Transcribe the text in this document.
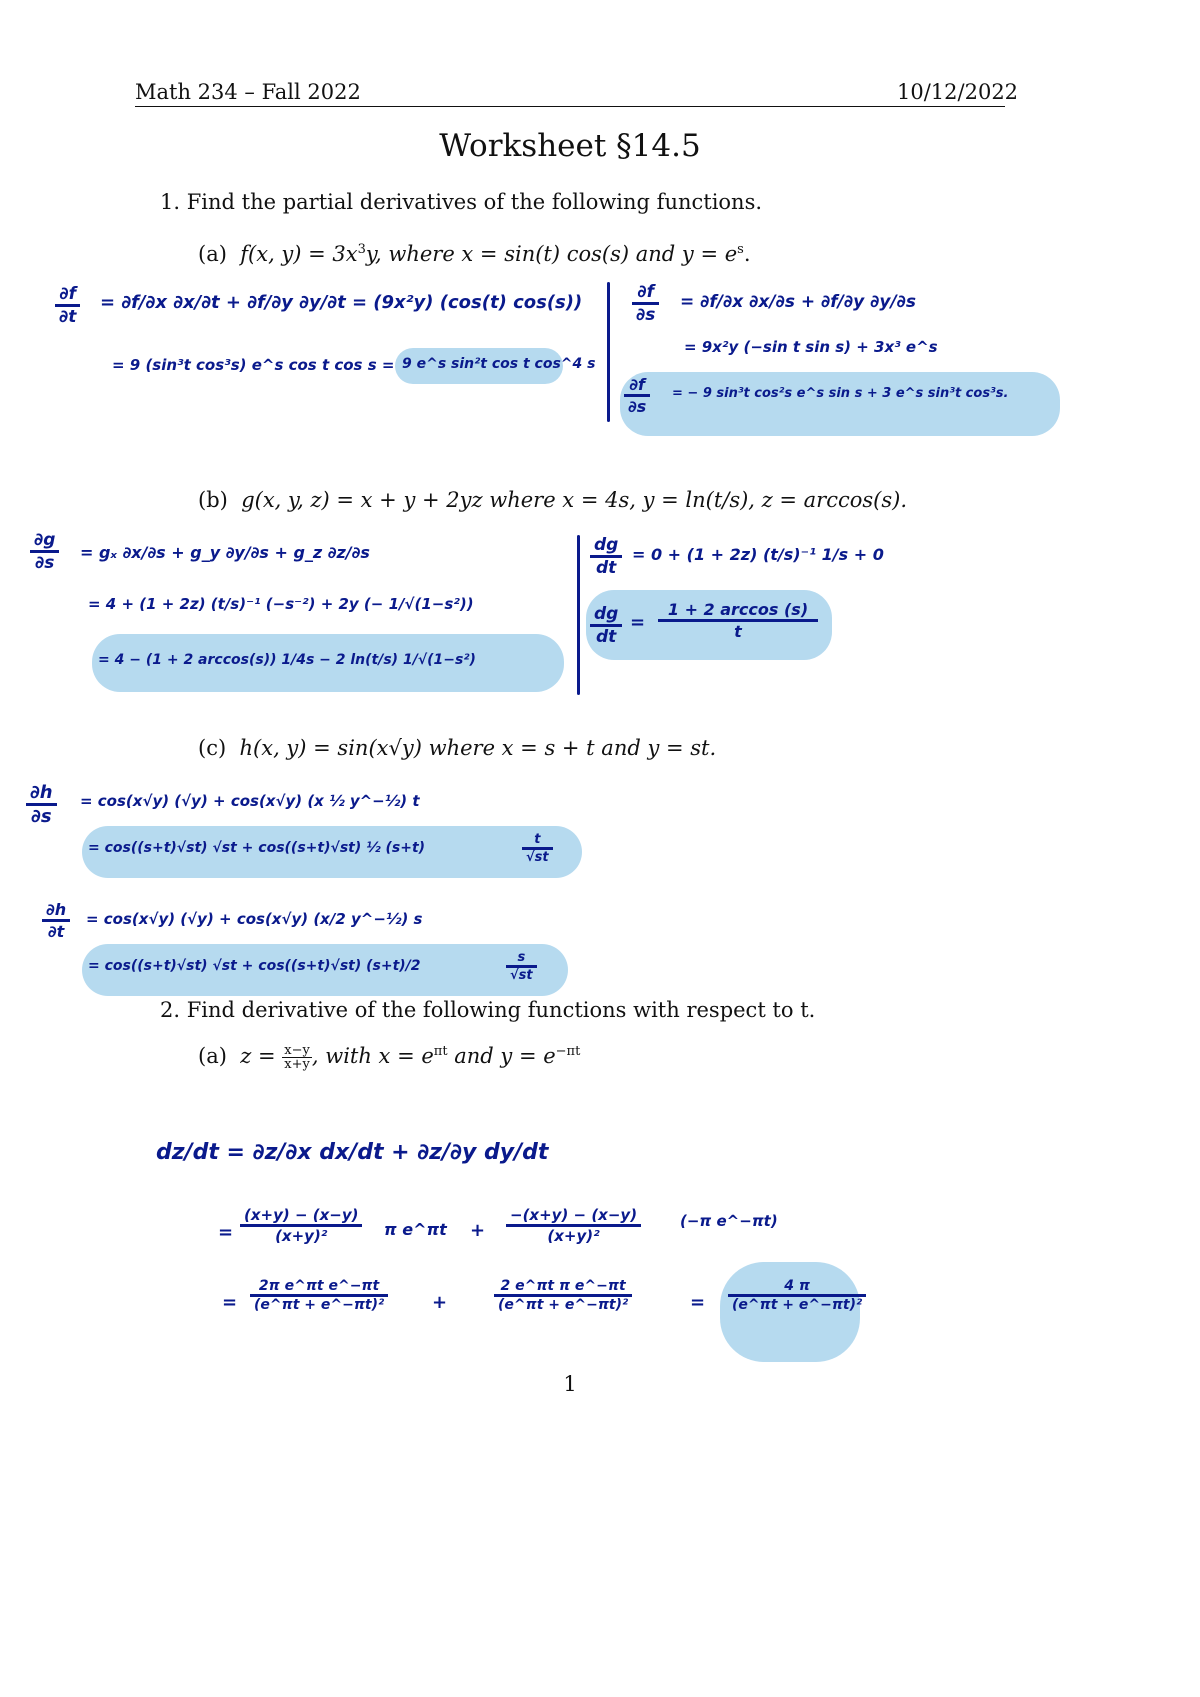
Math 234 – Fall 2022	10/12/2022
Worksheet §14.5
1. Find the partial derivatives of the following functions.
(a) f(x, $y) = 3x^3y$, where x = sin(t) cos(s) and $y = e^s$.
∂f
∂t
= ∂f/∂x ∂x/∂t + ∂f/∂y ∂y/∂t = (9x²y) (cos(t) cos(s))
= 9 (sin³t cos³s) e^s cos t cos s = 9 e^s sin²t cos t cos^4 s
∂f
∂s
= ∂f/∂x ∂x/∂s + ∂f/∂y ∂y/∂s
= 9x²y (−sin t sin s) + 3x³ e^s
∂f
∂s
= − 9 sin³t cos²s e^s sin s + 3 e^s sin³t cos³s.
(b) g(x, y, z) = x + y + 2yz where x = 4s, y = ln(t/s), z = arccos(s).
∂g
∂s
= gₓ ∂x/∂s + g_y ∂y/∂s + g_z ∂z/∂s
= 4 + (1 + 2z) (t/s)⁻¹ (−s⁻²) + 2y (− 1/√(1−s²))
= 4 − (1 + 2 arccos(s)) 1/4s − 2 ln(t/s) 1/√(1−s²)
dg
dt
= 0 + (1 + 2z) (t/s)⁻¹ 1/s + 0
dg
dt
=
1 + 2 arccos (s)
t
(c) h(x, y) = sin(x√y) where x = s + t and y = st.
∂h
∂s
= cos(x√y) (√y) + cos(x√y) (x ½ y^−½) t
= cos((s+t)√st) √st + cos((s+t)√st) ½ (s+t)
t
√st
∂h
∂t
= cos(x√y) (√y) + cos(x√y) (x/2 y^−½) s
= cos((s+t)√st) √st + cos((s+t)√st) (s+t)/2
s
√st
2. Find derivative of the following functions with respect to t.
(a) $z = \frac{x-y}{x+y}$ , with $x = e^{\pi t}$ and $y = e^{-\pi t}$
dz/dt = ∂z/∂x dx/dt + ∂z/∂y dy/dt
=
(x+y) − (x−y)
(x+y)²	π e^πt +
−(x+y) − (x−y)
(x+y)²
(−π e^−πt)
=
2π e^πt e^−πt
(e^πt + e^−πt)²	+
2 e^πt π e^−πt
(e^πt + e^−πt)²	=
4 π
(e^πt + e^−πt)²
1
